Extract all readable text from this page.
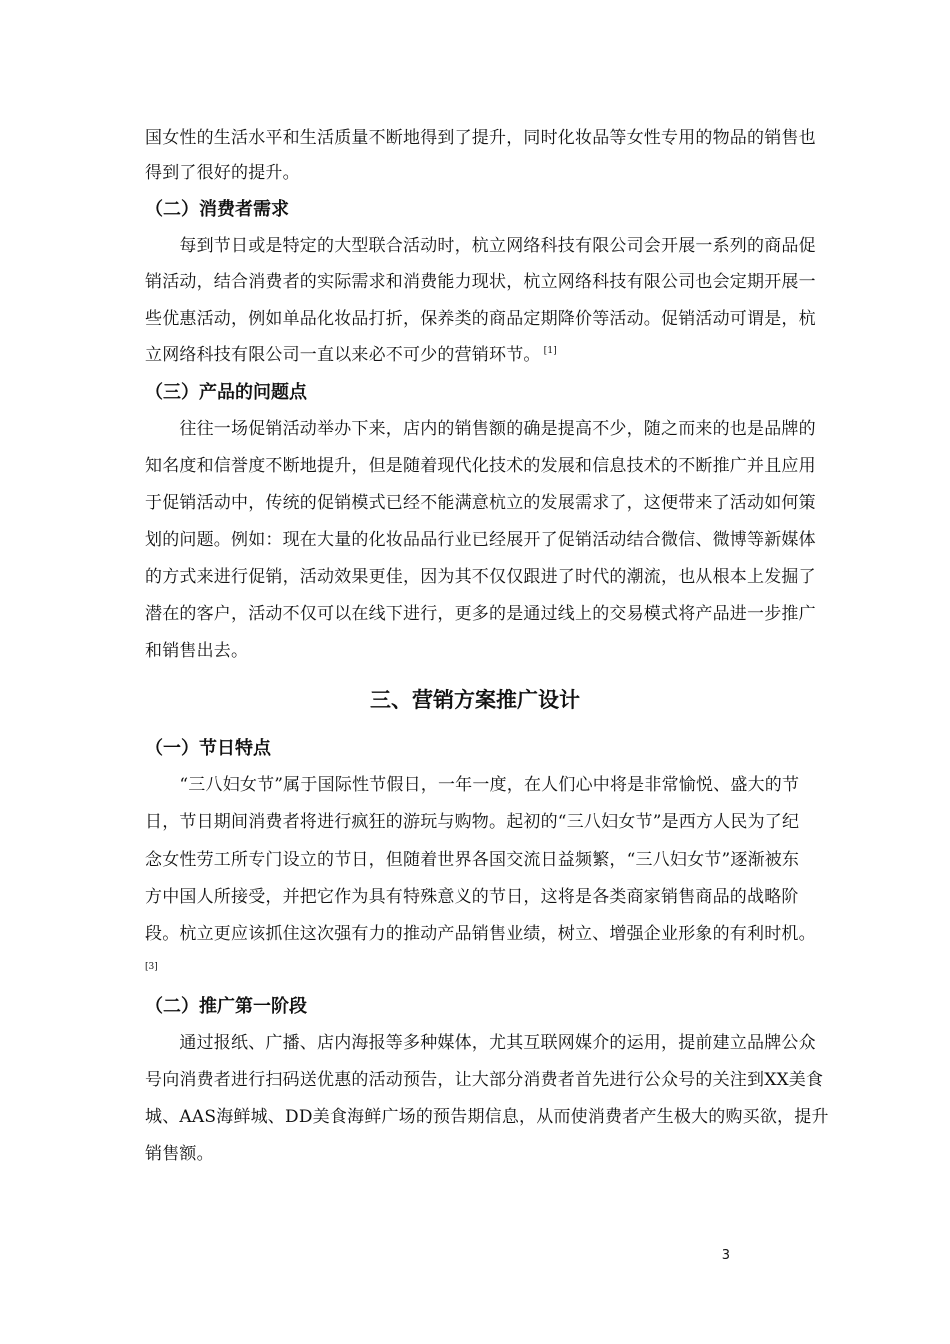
国女性的生活水平和生活质量不断地得到了提升，同时化妆品等女性专用的物品的销售也
得到了很好的提升。
（二）消费者需求
　　每到节日或是特定的大型联合活动时，杭立网络科技有限公司会开展一系列的商品促
销活动，结合消费者的实际需求和消费能力现状，杭立网络科技有限公司也会定期开展一
些优惠活动，例如单品化妆品打折，保养类的商品定期降价等活动。促销活动可谓是，杭
立网络科技有限公司一直以来必不可少的营销环节。 [1]
（三）产品的问题点
　　往往一场促销活动举办下来，店内的销售额的确是提高不少，随之而来的也是品牌的
知名度和信誉度不断地提升，但是随着现代化技术的发展和信息技术的不断推广并且应用
于促销活动中，传统的促销模式已经不能满意杭立的发展需求了，这便带来了活动如何策
划的问题。例如：现在大量的化妆品品行业已经展开了促销活动结合微信、微博等新媒体
的方式来进行促销，活动效果更佳，因为其不仅仅跟进了时代的潮流，也从根本上发掘了
潜在的客户，活动不仅可以在线下进行，更多的是通过线上的交易模式将产品进一步推广
和销售出去。
三、营销方案推广设计
（一）节日特点
　　“三八妇女节”属于国际性节假日，一年一度，在人们心中将是非常愉悦、盛大的节
日，节日期间消费者将进行疯狂的游玩与购物。起初的“三八妇女节”是西方人民为了纪
念女性劳工所专门设立的节日，但随着世界各国交流日益频繁，“三八妇女节”逐渐被东
方中国人所接受，并把它作为具有特殊意义的节日，这将是各类商家销售商品的战略阶
段。杭立更应该抓住这次强有力的推动产品销售业绩，树立、增强企业形象的有利时机。
[3]
（二）推广第一阶段
　　通过报纸、广播、店内海报等多种媒体，尤其互联网媒介的运用，提前建立品牌公众
号向消费者进行扫码送优惠的活动预告，让大部分消费者首先进行公众号的关注到XX美食
城、AAS海鲜城、DD美食海鲜广场的预告期信息，从而使消费者产生极大的购买欲，提升
销售额。
3
